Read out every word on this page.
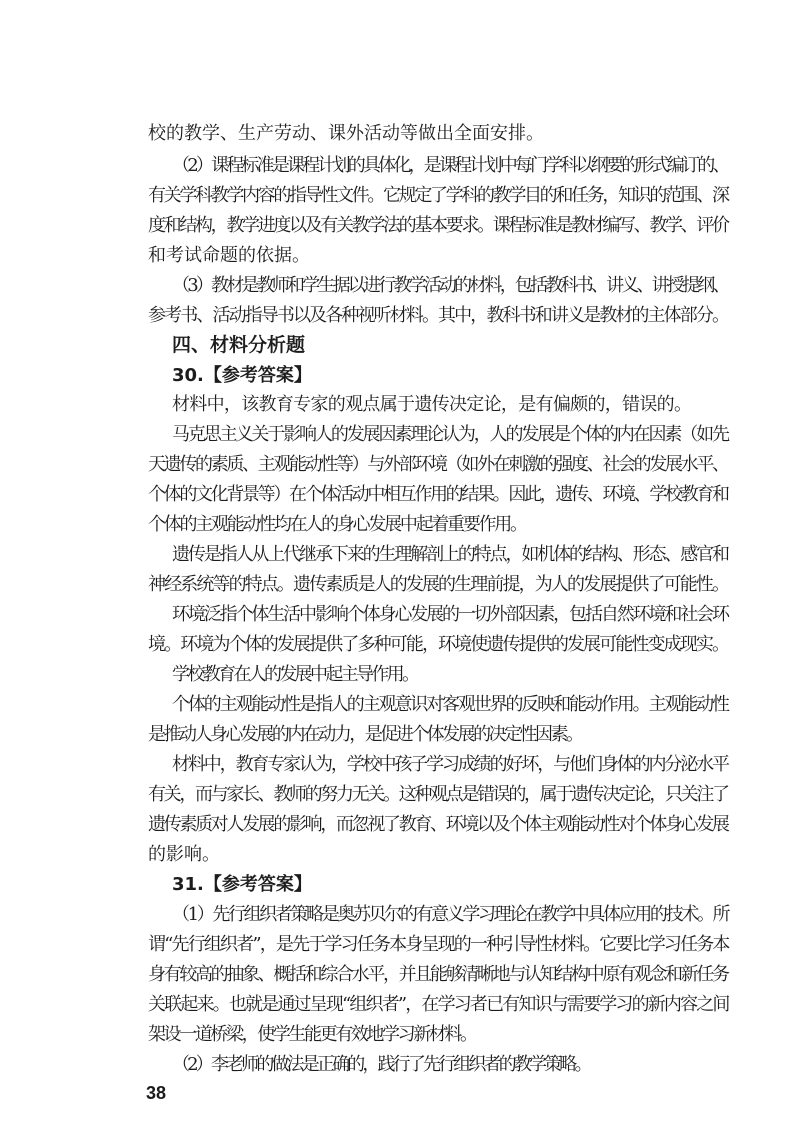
校的教学、生产劳动、课外活动等做出全面安排。
（2）课程标准是课程计划的具体化，是课程计划中每门学科以纲要的形式编订的、
有关学科教学内容的指导性文件。它规定了学科的教学目的和任务，知识的范围、深
度和结构，教学进度以及有关教学法的基本要求。课程标准是教材编写、教学、评价
和考试命题的依据。
（3）教材是教师和学生据以进行教学活动的材料，包括教科书、讲义、讲授提纲、
参考书、活动指导书以及各种视听材料。其中，教科书和讲义是教材的主体部分。
四、材料分析题
30.【参考答案】
材料中，该教育专家的观点属于遗传决定论，是有偏颇的，错误的。
马克思主义关于影响人的发展因素理论认为，人的发展是个体的内在因素（如先
天遗传的素质、主观能动性等）与外部环境（如外在刺激的强度、社会的发展水平、
个体的文化背景等）在个体活动中相互作用的结果。因此，遗传、环境、学校教育和
个体的主观能动性均在人的身心发展中起着重要作用。
遗传是指人从上代继承下来的生理解剖上的特点，如机体的结构、形态、感官和
神经系统等的特点。遗传素质是人的发展的生理前提，为人的发展提供了可能性。
环境泛指个体生活中影响个体身心发展的一切外部因素，包括自然环境和社会环
境。环境为个体的发展提供了多种可能，环境使遗传提供的发展可能性变成现实。
学校教育在人的发展中起主导作用。
个体的主观能动性是指人的主观意识对客观世界的反映和能动作用。主观能动性
是推动人身心发展的内在动力，是促进个体发展的决定性因素。
材料中，教育专家认为，学校中孩子学习成绩的好坏，与他们身体的内分泌水平
有关，而与家长、教师的努力无关。这种观点是错误的，属于遗传决定论，只关注了
遗传素质对人发展的影响，而忽视了教育、环境以及个体主观能动性对个体身心发展
的影响。
31.【参考答案】
（1）先行组织者策略是奥苏贝尔的有意义学习理论在教学中具体应用的技术。所
谓“先行组织者”，是先于学习任务本身呈现的一种引导性材料。它要比学习任务本
身有较高的抽象、概括和综合水平，并且能够清晰地与认知结构中原有观念和新任务
关联起来。也就是通过呈现“组织者”，在学习者已有知识与需要学习的新内容之间
架设一道桥梁，使学生能更有效地学习新材料。
（2）李老师的做法是正确的，践行了先行组织者的教学策略。
38
